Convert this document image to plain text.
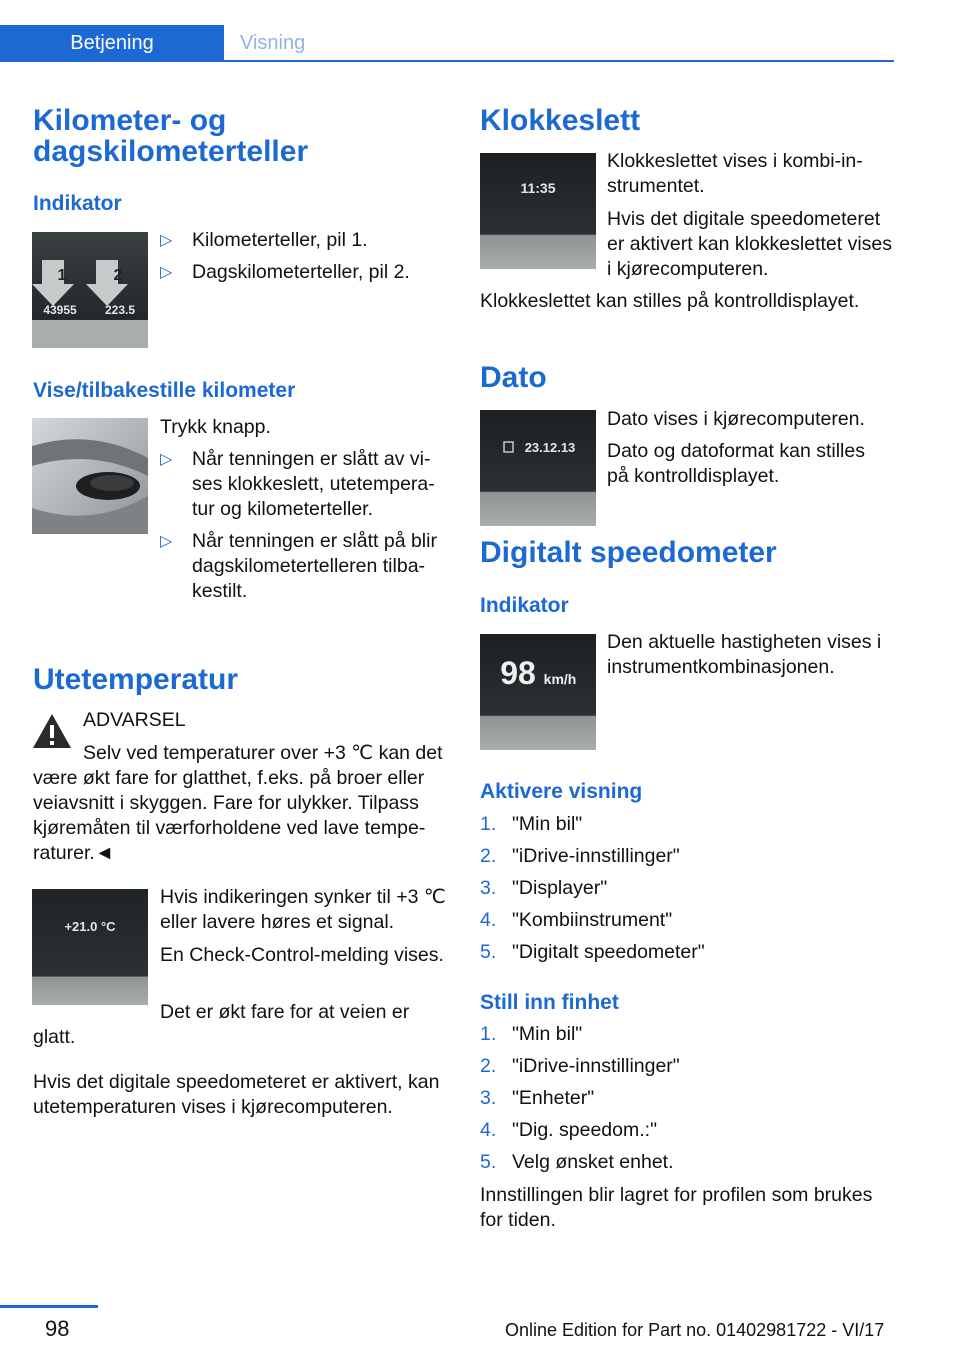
Betjening	Visning
Kilometer- og dagskilometerteller
Indikator
1	2
43955 223.5
▷ Kilometerteller, pil 1.
▷ Dagskilometerteller, pil 2.
Vise/tilbakestille kilometer
Trykk knapp.
▷ Når tenningen er slått av vises klokkeslett, utetemperatur og kilometerteller.
▷ Når tenningen er slått på blir dagskilometertelleren tilbakestilt.
Utetemperatur
ADVARSEL
Selv ved temperaturer over +3 ℃ kan det
være økt fare for glatthet, f.eks. på broer eller veiavsnitt i skyggen. Fare for ulykker. Tilpass kjøremåten til værforholdene ved lave temperaturer.◄
+21.0 °C
Hvis indikeringen synker til +3 ℃ eller lavere høres et signal.
En Check-Control-melding vises.
Det er økt fare for at veien er
glatt.
Hvis det digitale speedometeret er aktivert, kan utetemperaturen vises i kjørecomputeren.
Klokkeslett
11:35
Klokkeslettet vises i kombi-instrumentet.
Hvis det digitale speedometeret er aktivert kan klokkeslettet vises i kjørecomputeren.
Klokkeslettet kan stilles på kontrolldisplayet.
Dato
23.12.13
Dato vises i kjørecomputeren.
Dato og datoformat kan stilles på kontrolldisplayet.
Digitalt speedometer
Indikator
98 km/h
Den aktuelle hastigheten vises i instrumentkombinasjonen.
Aktivere visning
1. "Min bil"
2. "iDrive-innstillinger"
3. "Displayer"
4. "Kombiinstrument"
5. "Digitalt speedometer"
Still inn finhet
1. "Min bil"
2. "iDrive-innstillinger"
3. "Enheter"
4. "Dig. speedom.:"
5. Velg ønsket enhet.
Innstillingen blir lagret for profilen som brukes for tiden.
98	Online Edition for Part no. 01402981722 - VI/17
